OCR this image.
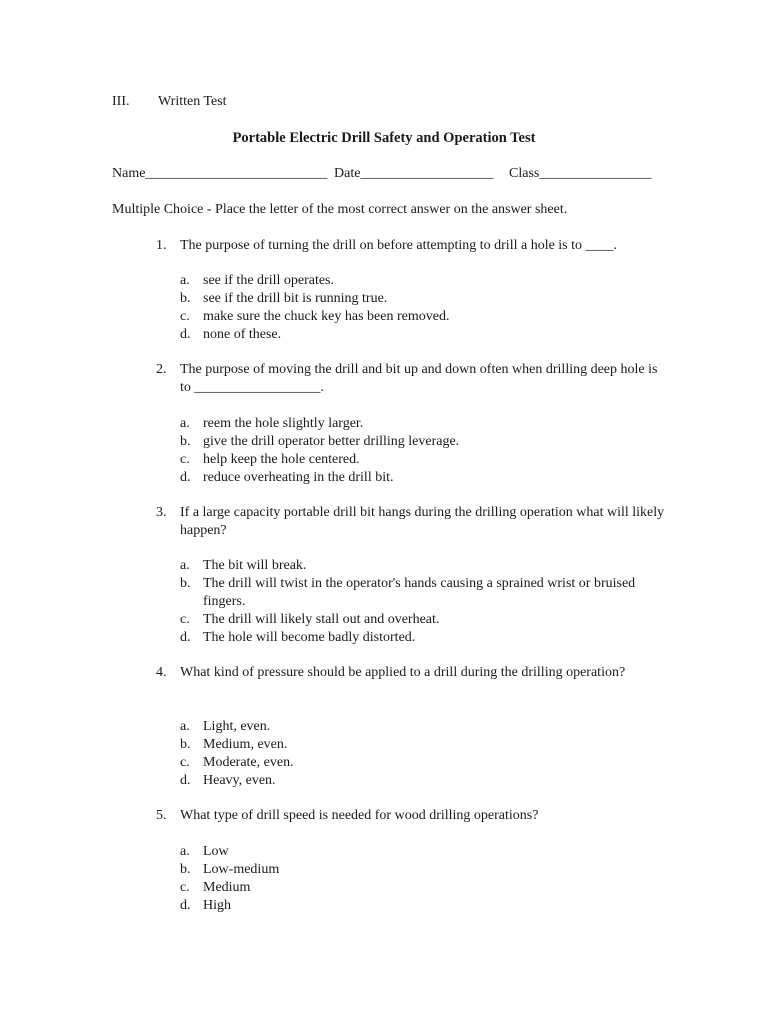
III. Written Test
Portable Electric Drill Safety and Operation Test
Name__________________________ Date___________________ Class________________
Multiple Choice - Place the letter of the most correct answer on the answer sheet.
1. The purpose of turning the drill on before attempting to drill a hole is to ____.
a. see if the drill operates.
b. see if the drill bit is running true.
c. make sure the chuck key has been removed.
d. none of these.
2. The purpose of moving the drill and bit up and down often when drilling deep hole is to __________________.
a. reem the hole slightly larger.
b. give the drill operator better drilling leverage.
c. help keep the hole centered.
d. reduce overheating in the drill bit.
3. If a large capacity portable drill bit hangs during the drilling operation what will likely happen?
a. The bit will break.
b. The drill will twist in the operator's hands causing a sprained wrist or bruised fingers.
c. The drill will likely stall out and overheat.
d. The hole will become badly distorted.
4. What kind of pressure should be applied to a drill during the drilling operation?
a. Light, even.
b. Medium, even.
c. Moderate, even.
d. Heavy, even.
5. What type of drill speed is needed for wood drilling operations?
a. Low
b. Low-medium
c. Medium
d. High
